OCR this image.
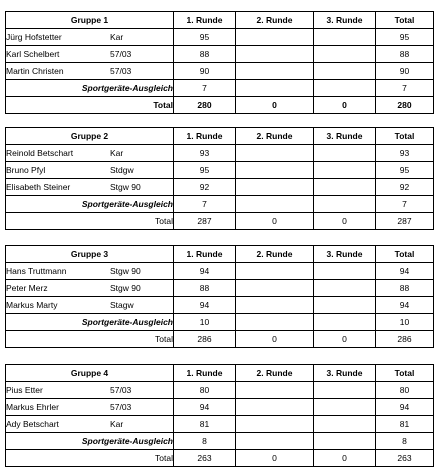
Gruppe 1	1. Runde	2. Runde	3. Runde	Total
Jürg Hofstetter Kar	95			95
Karl Schelbert 57/03	88			88
Martin Christen 57/03	90			90
Sportgeräte-Ausgleich	7			7
Total	280	0	0	280
Gruppe 2	1. Runde	2. Runde	3. Runde	Total
Reinold Betschart Kar	93			93
Bruno Pfyl Stdgw	95			95
Elisabeth Steiner Stgw 90	92			92
Sportgeräte-Ausgleich	7			7
Total	287	0	0	287
Gruppe 3	1. Runde	2. Runde	3. Runde	Total
Hans Truttmann Stgw 90	94			94
Peter Merz Stgw 90	88			88
Markus Marty Stagw	94			94
Sportgeräte-Ausgleich	10			10
Total	286	0	0	286
Gruppe 4	1. Runde	2. Runde	3. Runde	Total
Pius Etter 57/03	80			80
Markus Ehrler 57/03	94			94
Ady Betschart Kar	81			81
Sportgeräte-Ausgleich	8			8
Total	263	0	0	263
